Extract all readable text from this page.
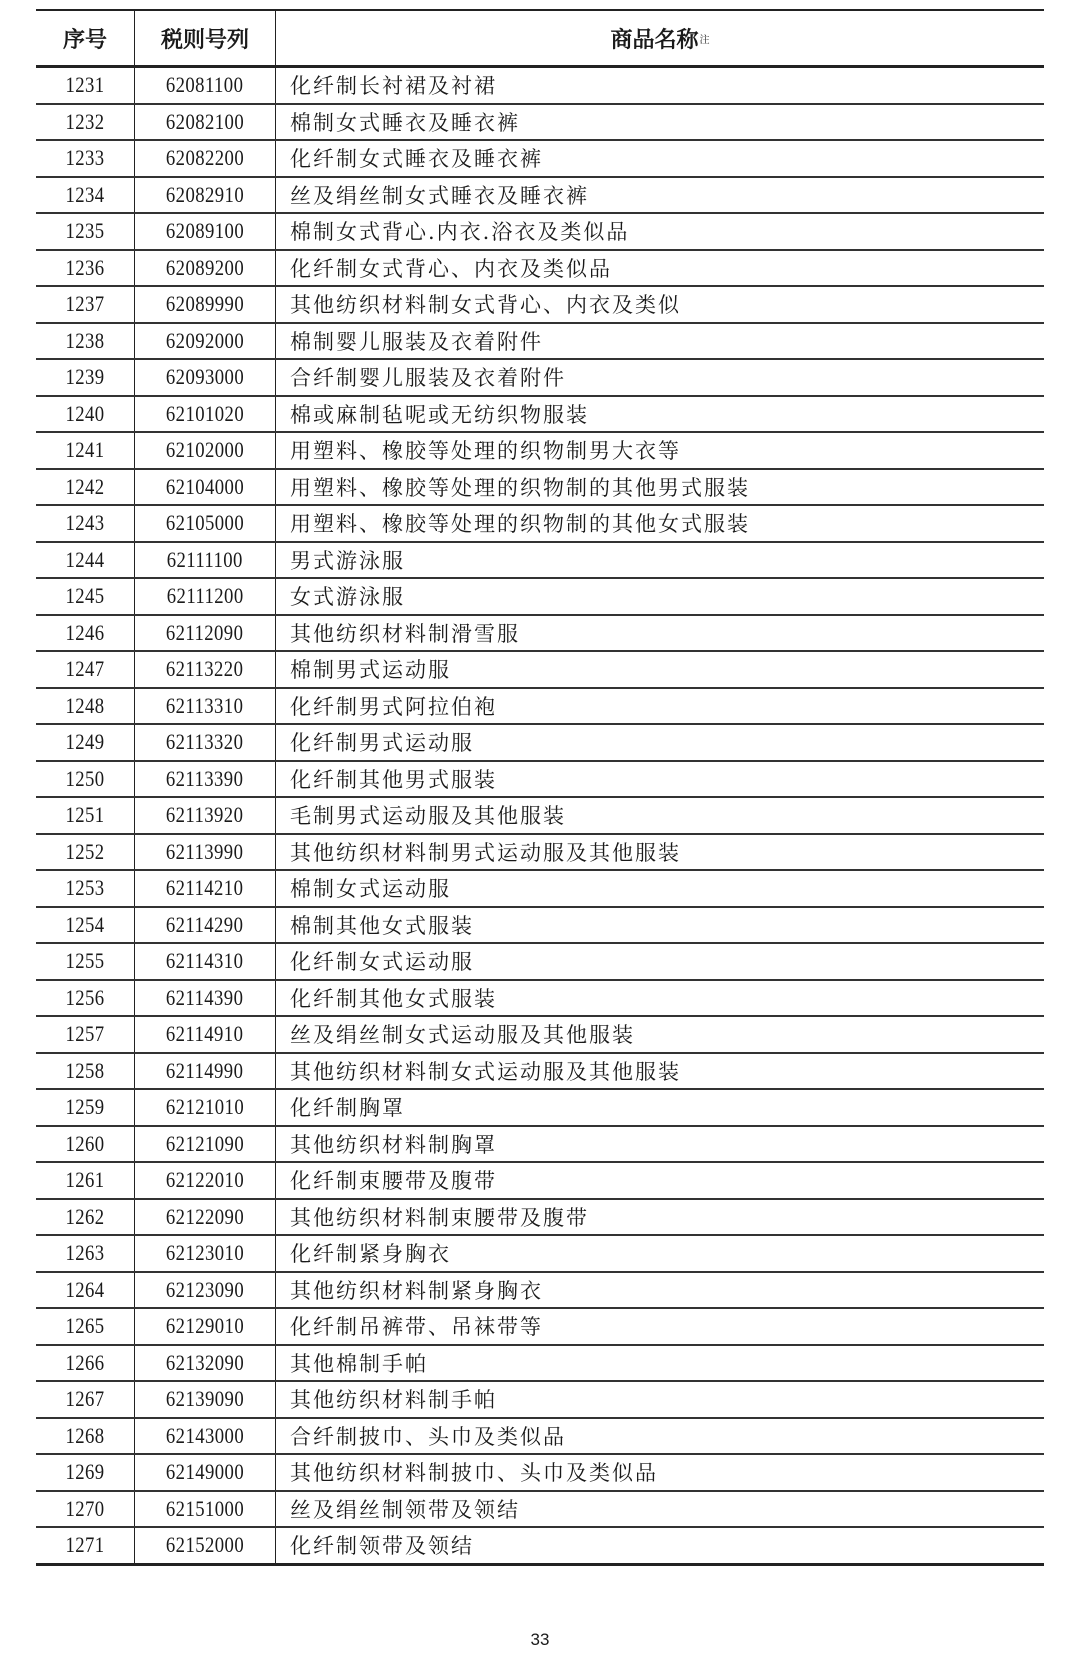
序号	税则号列	商品名称 注
1231	62081100 化纤制长衬裙及衬裙
1232	62082100 棉制女式睡衣及睡衣裤
1233	62082200 化纤制女式睡衣及睡衣裤
1234	62082910 丝及绢丝制女式睡衣及睡衣裤
1235	62089100 棉制女式背心.内衣.浴衣及类似品
1236	62089200 化纤制女式背心、内衣及类似品
1237	62089990 其他纺织材料制女式背心、内衣及类似
1238	62092000 棉制婴儿服装及衣着附件
1239	62093000 合纤制婴儿服装及衣着附件
1240	62101020 棉或麻制毡呢或无纺织物服装
1241	62102000 用塑料、橡胶等处理的织物制男大衣等
1242	62104000 用塑料、橡胶等处理的织物制的其他男式服装
1243	62105000 用塑料、橡胶等处理的织物制的其他女式服装
1244	62111100 男式游泳服
1245	62111200 女式游泳服
1246	62112090 其他纺织材料制滑雪服
1247	62113220 棉制男式运动服
1248	62113310 化纤制男式阿拉伯袍
1249	62113320 化纤制男式运动服
1250	62113390 化纤制其他男式服装
1251	62113920 毛制男式运动服及其他服装
1252	62113990 其他纺织材料制男式运动服及其他服装
1253	62114210 棉制女式运动服
1254	62114290 棉制其他女式服装
1255	62114310 化纤制女式运动服
1256	62114390 化纤制其他女式服装
1257	62114910 丝及绢丝制女式运动服及其他服装
1258	62114990 其他纺织材料制女式运动服及其他服装
1259	62121010 化纤制胸罩
1260	62121090 其他纺织材料制胸罩
1261	62122010 化纤制束腰带及腹带
1262	62122090 其他纺织材料制束腰带及腹带
1263	62123010 化纤制紧身胸衣
1264	62123090 其他纺织材料制紧身胸衣
1265	62129010 化纤制吊裤带、吊袜带等
1266	62132090 其他棉制手帕
1267	62139090 其他纺织材料制手帕
1268	62143000 合纤制披巾、头巾及类似品
1269	62149000 其他纺织材料制披巾、头巾及类似品
1270	62151000 丝及绢丝制领带及领结
1271	62152000 化纤制领带及领结
33
